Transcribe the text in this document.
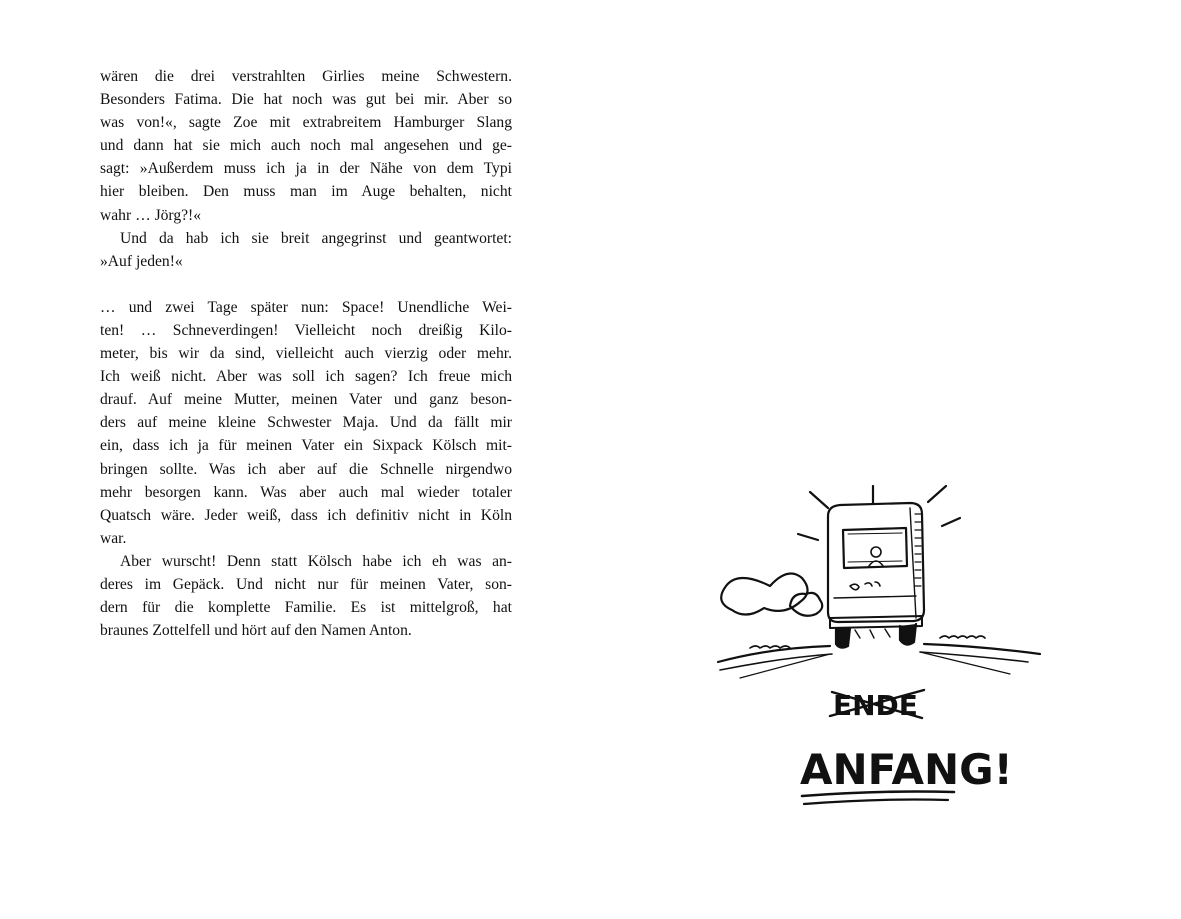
wären die drei verstrahlten Girlies meine Schwestern.
Besonders Fatima. Die hat noch was gut bei mir. Aber so
was von!«, sagte Zoe mit extrabreitem Hamburger Slang
und dann hat sie mich auch noch mal angesehen und ge-
sagt: »Außerdem muss ich ja in der Nähe von dem Typi
hier bleiben. Den muss man im Auge behalten, nicht
wahr … Jörg?!«
Und da hab ich sie breit angegrinst und geantwortet:
»Auf jeden!«
… und zwei Tage später nun: Space! Unendliche Wei-
ten! … Schneverdingen! Vielleicht noch dreißig Kilo-
meter, bis wir da sind, vielleicht auch vierzig oder mehr.
Ich weiß nicht. Aber was soll ich sagen? Ich freue mich
drauf. Auf meine Mutter, meinen Vater und ganz beson-
ders auf meine kleine Schwester Maja. Und da fällt mir
ein, dass ich ja für meinen Vater ein Sixpack Kölsch mit-
bringen sollte. Was ich aber auf die Schnelle nirgendwo
mehr besorgen kann. Was aber auch mal wieder totaler
Quatsch wäre. Jeder weiß, dass ich definitiv nicht in Köln
war.
Aber wurscht! Denn statt Kölsch habe ich eh was an-
deres im Gepäck. Und nicht nur für meinen Vater, son-
dern für die komplette Familie. Es ist mittelgroß, hat
braunes Zottelfell und hört auf den Namen Anton.
ENDE
ANFANG!
